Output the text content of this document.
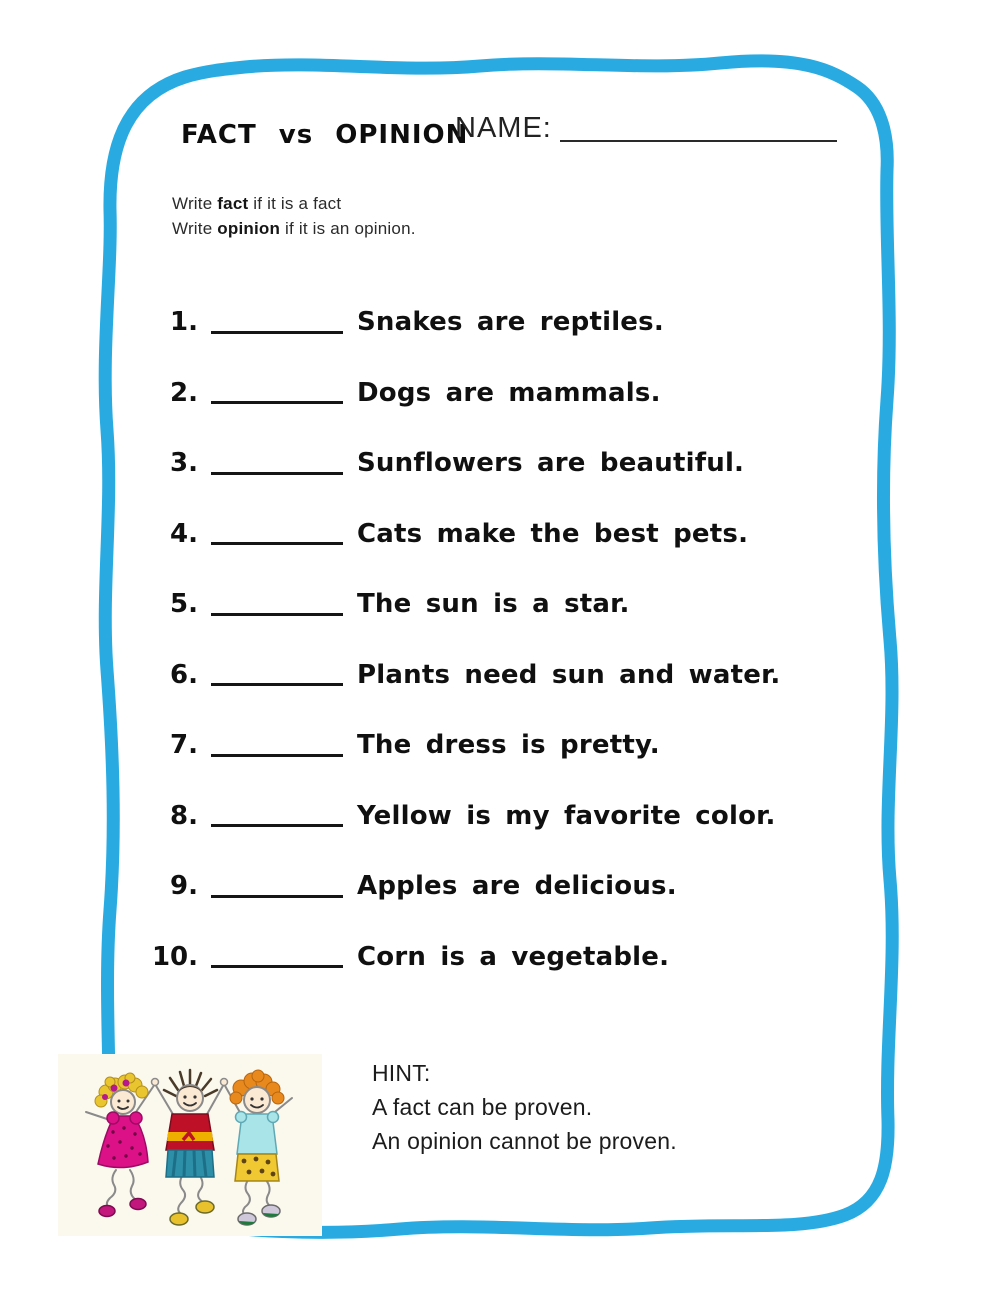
FACT vs OPINION
NAME:
Write fact if it is a fact
Write opinion if it is an opinion.
1.	Snakes are reptiles.
2.	Dogs are mammals.
3.	Sunflowers are beautiful.
4.	Cats make the best pets.
5.	The sun is a star.
6.	Plants need sun and water.
7.	The dress is pretty.
8.	Yellow is my favorite color.
9.	Apples are delicious.
10.	Corn is a vegetable.
HINT:
A fact can be proven.
An opinion cannot be proven.
